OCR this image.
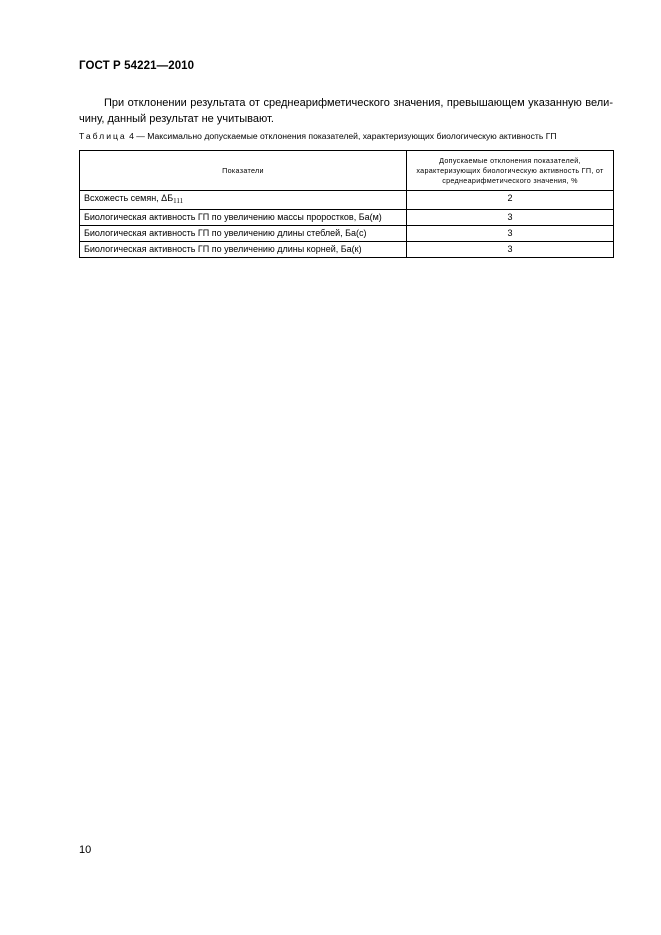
ГОСТ Р 54221—2010
При отклонении результата от среднеарифметического значения, превышающем указанную вели-
чину, данный результат не учитывают.
Таблица 4 — Максимально допускаемые отклонения показателей, характеризующих биологическую активность ГП
Показатели	Допускаемые отклонения показателей, характеризующих биологическую активность ГП, от среднеарифметического значения, %
Всхожесть семян, $\Delta Б_{111}$	2
Биологическая активность ГП по увеличению массы проростков, Ба(м)	3
Биологическая активность ГП по увеличению длины стеблей, Ба(с)	3
Биологическая активность ГП по увеличению длины корней, Ба(к)	3
10
